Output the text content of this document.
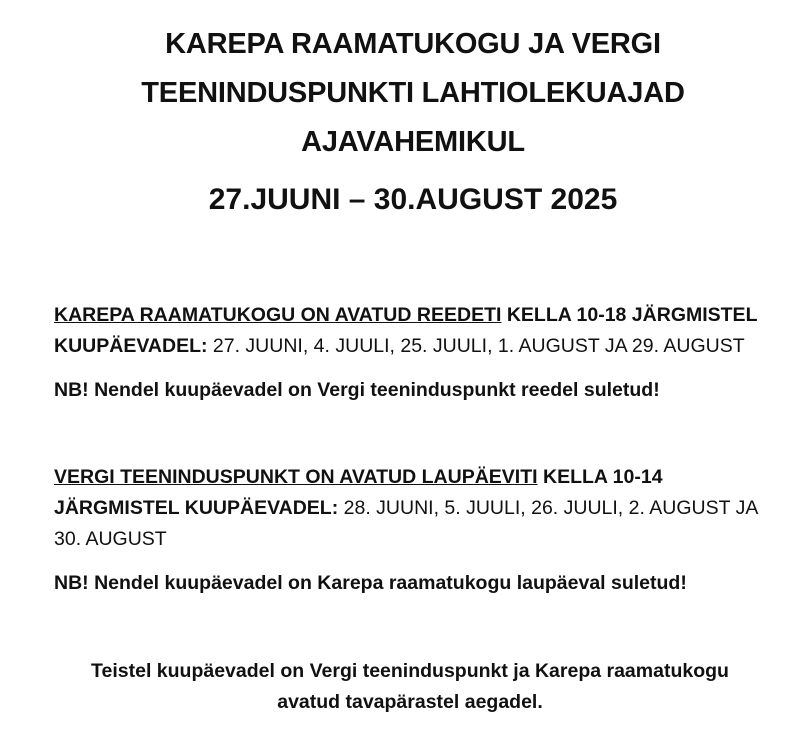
KAREPA RAAMATUKOGU JA VERGI
TEENINDUSPUNKTI LAHTIOLEKUAJAD
AJAVAHEMIKUL
27.JUUNI – 30.AUGUST 2025

KAREPA RAAMATUKOGU ON AVATUD REEDETI KELLA 10-18 JÄRGMISTEL KUUPÄEVADEL: 27. JUUNI, 4. JUULI, 25. JUULI, 1. AUGUST JA 29. AUGUST

NB! Nendel kuupäevadel on Vergi teeninduspunkt reedel suletud!

VERGI TEENINDUSPUNKT ON AVATUD LAUPÄEVITI KELLA 10-14 JÄRGMISTEL KUUPÄEVADEL: 28. JUUNI, 5. JUULI, 26. JUULI, 2. AUGUST JA 30. AUGUST

NB! Nendel kuupäevadel on Karepa raamatukogu laupäeval suletud!

Teistel kuupäevadel on Vergi teeninduspunkt ja Karepa raamatukogu
avatud tavapärastel aegadel.
